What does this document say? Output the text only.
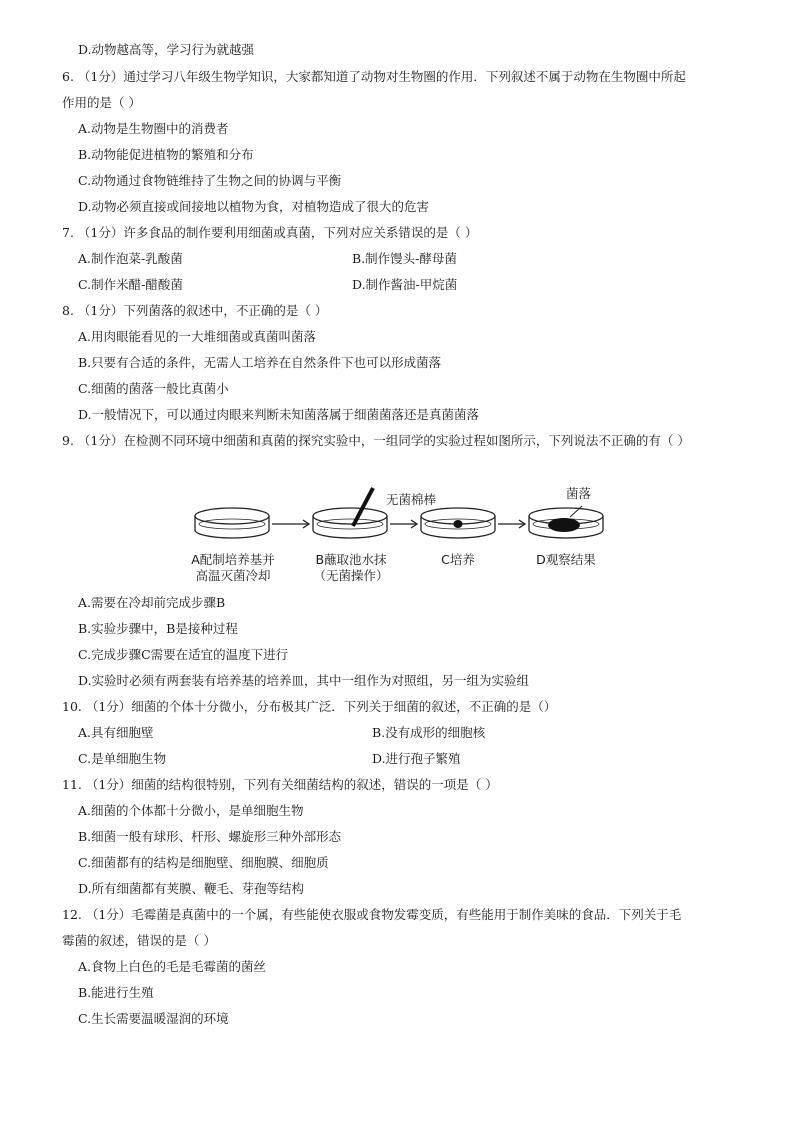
D.动物越高等，学习行为就越强
6. （1分）通过学习八年级生物学知识，大家都知道了动物对生物圈的作用．下列叙述不属于动物在生物圈中所起
作用的是（ ）
A.动物是生物圈中的消费者
B.动物能促进植物的繁殖和分布
C.动物通过食物链维持了生物之间的协调与平衡
D.动物必须直接或间接地以植物为食，对植物造成了很大的危害
7. （1分）许多食品的制作要利用细菌或真菌，下列对应关系错误的是（ ）
A.制作泡菜-乳酸菌	B.制作馒头-酵母菌
C.制作米醋-醋酸菌	D.制作酱油-甲烷菌
8. （1分）下列菌落的叙述中，不正确的是（ ）
A.用肉眼能看见的一大堆细菌或真菌叫菌落
B.只要有合适的条件，无需人工培养在自然条件下也可以形成菌落
C.细菌的菌落一般比真菌小
D.一般情况下，可以通过肉眼来判断未知菌落属于细菌菌落还是真菌菌落
9. （1分）在检测不同环境中细菌和真菌的探究实验中，一组同学的实验过程如图所示，下列说法不正确的有（ ）
无菌棉棒	菌落
A配制培养基并
高温灭菌冷却
B蘸取池水抹
（无菌操作）
C培养	D观察结果
A.需要在冷却前完成步骤B
B.实验步骤中，B是接种过程
C.完成步骤C需要在适宜的温度下进行
D.实验时必须有两套装有培养基的培养皿，其中一组作为对照组，另一组为实验组
10. （1分）细菌的个体十分微小，分布极其广泛．下列关于细菌的叙述，不正确的是（）
A.具有细胞壁	B.没有成形的细胞核
C.是单细胞生物	D.进行孢子繁殖
11. （1分）细菌的结构很特别，下列有关细菌结构的叙述，错误的一项是（ ）
A.细菌的个体都十分微小，是单细胞生物
B.细菌一般有球形、杆形、螺旋形三种外部形态
C.细菌都有的结构是细胞壁、细胞膜、细胞质
D.所有细菌都有荚膜、鞭毛、芽孢等结构
12. （1分）毛霉菌是真菌中的一个属，有些能使衣服或食物发霉变质，有些能用于制作美味的食品．下列关于毛
霉菌的叙述，错误的是（ ）
A.食物上白色的毛是毛霉菌的菌丝
B.能进行生殖
C.生长需要温暖湿润的环境
